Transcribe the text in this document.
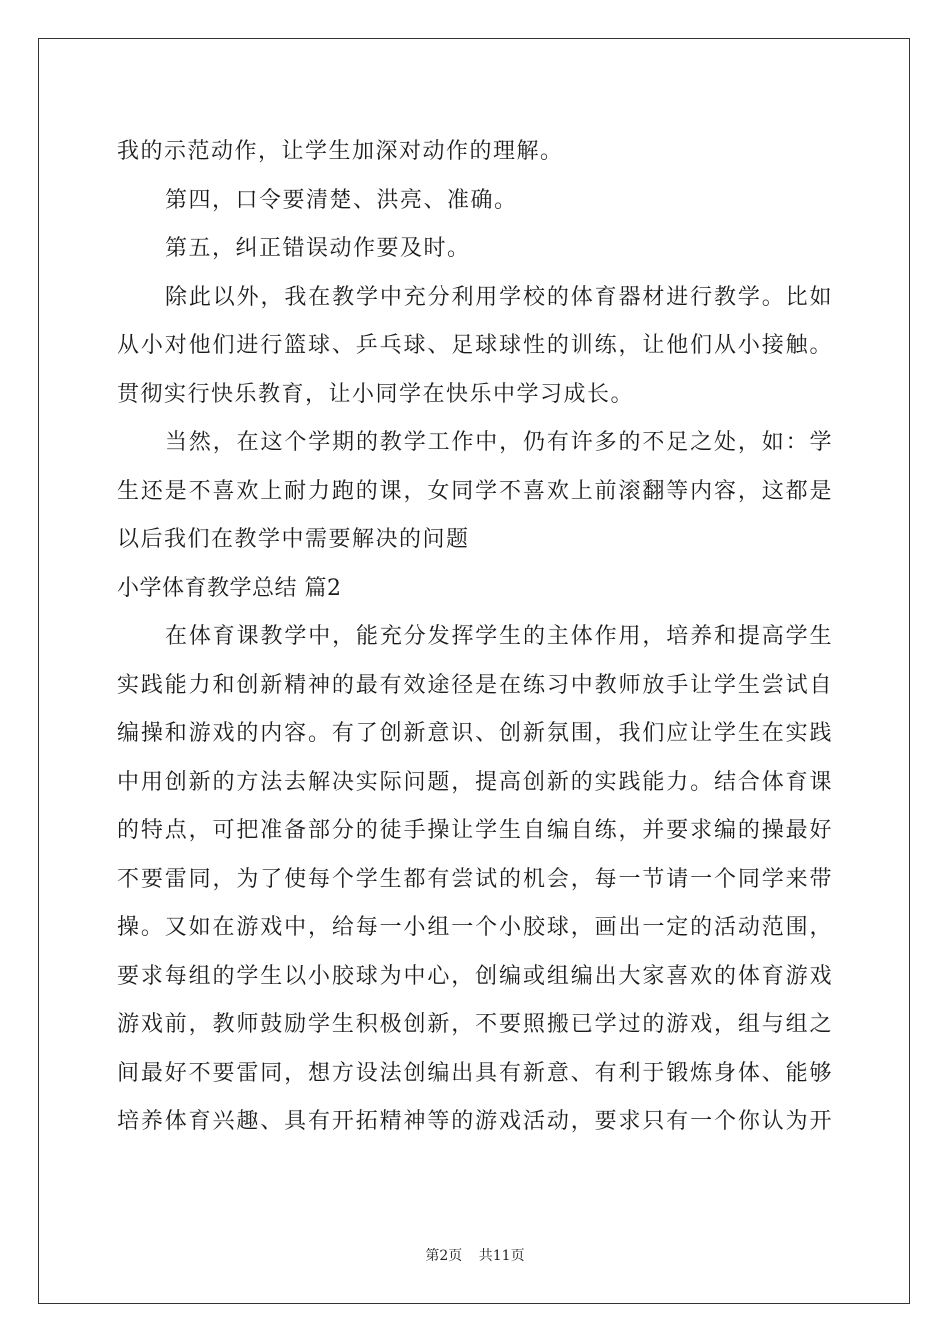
我的示范动作，让学生加深对动作的理解。
第四，口令要清楚、洪亮、准确。
第五，纠正错误动作要及时。
除此以外，我在教学中充分利用学校的体育器材进行教学。比如
从小对他们进行篮球、乒乓球、足球球性的训练，让他们从小接触。
贯彻实行快乐教育，让小同学在快乐中学习成长。
当然，在这个学期的教学工作中，仍有许多的不足之处，如：学
生还是不喜欢上耐力跑的课，女同学不喜欢上前滚翻等内容，这都是
以后我们在教学中需要解决的问题
小学体育教学总结 篇2
在体育课教学中，能充分发挥学生的主体作用，培养和提高学生
实践能力和创新精神的最有效途径是在练习中教师放手让学生尝试自
编操和游戏的内容。有了创新意识、创新氛围，我们应让学生在实践
中用创新的方法去解决实际问题，提高创新的实践能力。结合体育课
的特点，可把准备部分的徒手操让学生自编自练，并要求编的操最好
不要雷同，为了使每个学生都有尝试的机会，每一节请一个同学来带
操。又如在游戏中，给每一小组一个小胶球，画出一定的活动范围，
要求每组的学生以小胶球为中心，创编或组编出大家喜欢的体育游戏
游戏前，教师鼓励学生积极创新，不要照搬已学过的游戏，组与组之
间最好不要雷同，想方设法创编出具有新意、有利于锻炼身体、能够
培养体育兴趣、具有开拓精神等的游戏活动，要求只有一个你认为开
第2页 共11页
